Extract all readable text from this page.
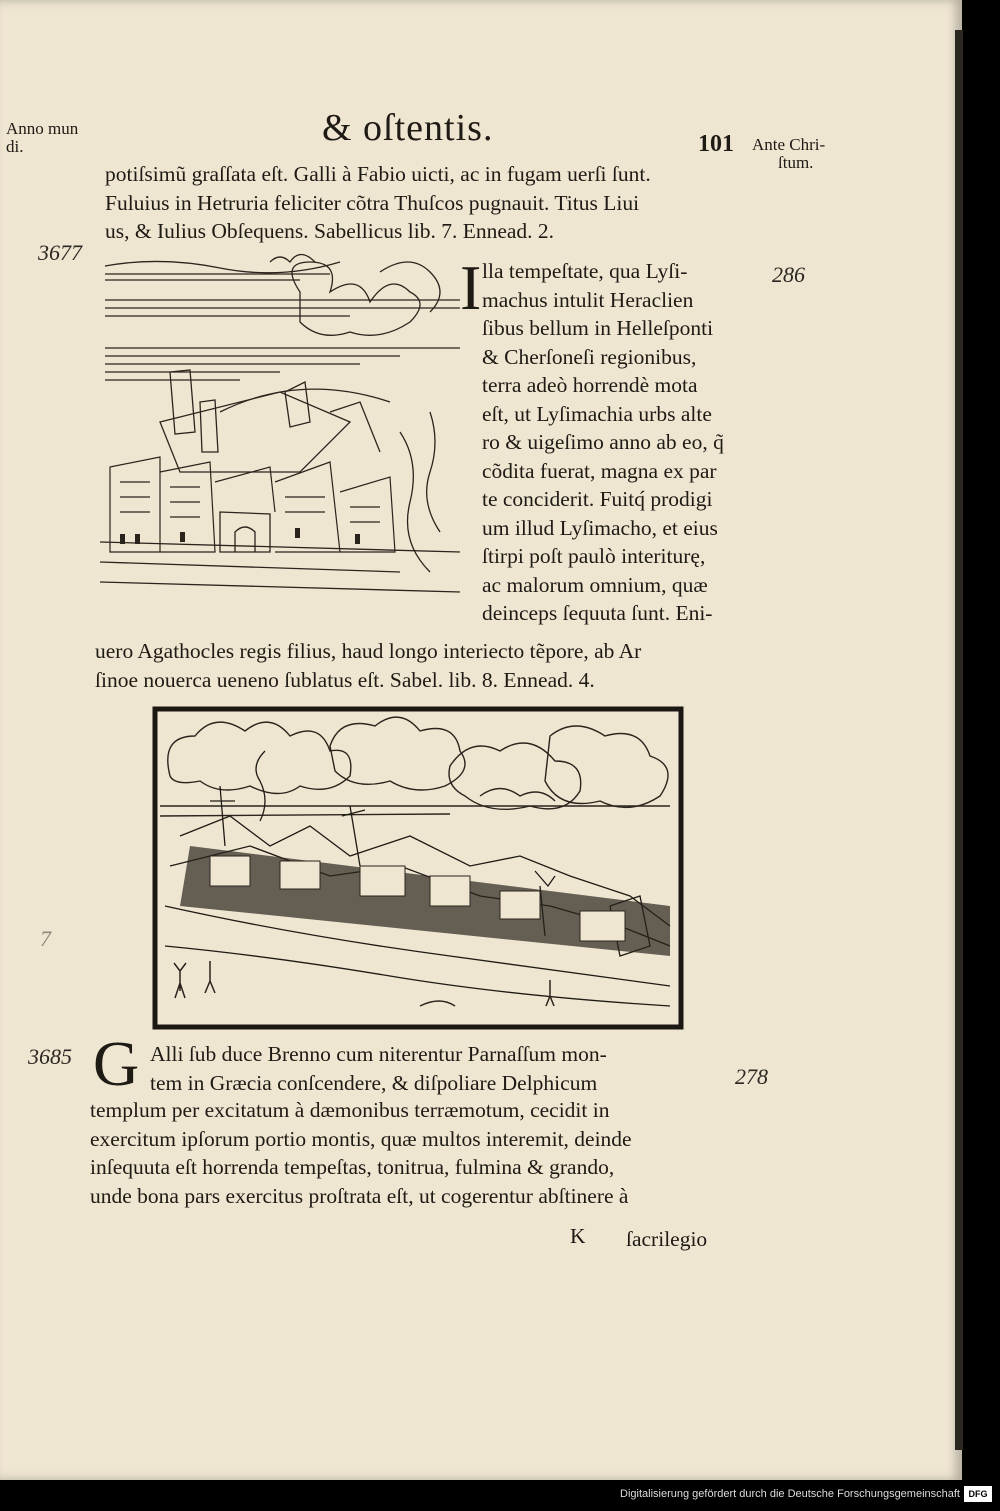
Anno mun
di.	& oſtentis.	101 Ante Chri-
ſtum.
potiſsimũ graſſata eſt. Galli à Fabio uicti, ac in fugam uerſi ſunt.
Fuluius in Hetruria feliciter cõtra Thuſcos pugnauit. Titus Liui
us, & Iulius Obſequens. Sabellicus lib. 7. Ennead. 2.
3677
286
I lla tempeſtate, qua Lyſi-
machus intulit Heraclien
ſibus bellum in Helleſponti
& Cherſoneſi regionibus,
terra adeò horrendè mota
eſt, ut Lyſimachia urbs alte
ro & uigeſimo anno ab eo, q̃
cõdita fuerat, magna ex par
te conciderit. Fuitq́ prodigi
um illud Lyſimacho, et eius
ſtirpi poſt paulò interiturę,
ac malorum omnium, quæ
deinceps ſequuta ſunt. Eni-
uero Agathocles regis filius, haud longo interiecto tẽpore, ab Ar
ſinoe nouerca ueneno ſublatus eſt. Sabel. lib. 8. Ennead. 4.
7
3685
278
G Alli ſub duce Brenno cum niterentur Parnaſſum mon-
tem in Græcia conſcendere, & diſpoliare Delphicum
templum per excitatum à dæmonibus terræmotum, cecidit in
exercitum ipſorum portio montis, quæ multos interemit, deinde
inſequuta eſt horrenda tempeſtas, tonitrua, fulmina & grando,
unde bona pars exercitus proſtrata eſt, ut cogerentur abſtinere à
K ſacrilegio
Digitalisierung gefördert durch die Deutsche Forschungsgemeinschaft DFG
